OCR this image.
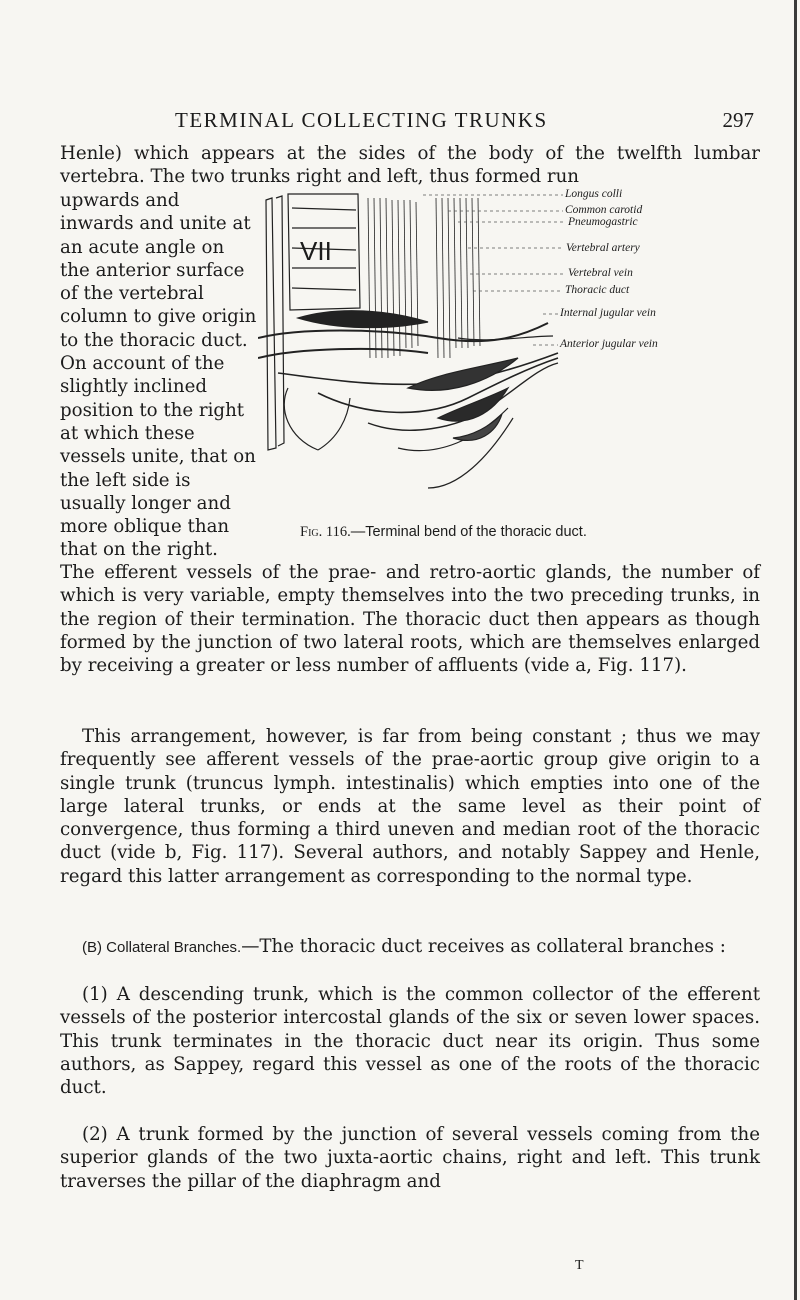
TERMINAL COLLECTING TRUNKS	297

Henle) which appears at the sides of the body of the twelfth lumbar vertebra. The two trunks right and left, thus formed run

upwards and inwards and unite at an acute angle on the anterior surface of the vertebral column to give origin to the thoracic duct. On account of the slightly inclined position to the right at which these vessels unite, that on the left side is usually longer and more oblique than that on the right.

VII
Longus colli
Common carotid
Pneumogastric
Vertebral artery
Vertebral vein
Thoracic duct
Internal jugular vein
Anterior jugular vein
Fig. 116.—Terminal bend of the thoracic duct.

The efferent vessels of the prae- and retro-aortic glands, the number of which is very variable, empty themselves into the two preceding trunks, in the region of their termination. The thoracic duct then appears as though formed by the junction of two lateral roots, which are themselves enlarged by receiving a greater or less number of affluents (vide a, Fig. 117).

This arrangement, however, is far from being constant ; thus we may frequently see afferent vessels of the prae-aortic group give origin to a single trunk (truncus lymph. intestinalis) which empties into one of the large lateral trunks, or ends at the same level as their point of convergence, thus forming a third uneven and median root of the thoracic duct (vide b, Fig. 117). Several authors, and notably Sappey and Henle, regard this latter arrangement as corresponding to the normal type.

(B) Collateral Branches.—The thoracic duct receives as collateral branches :

(1) A descending trunk, which is the common collector of the efferent vessels of the posterior intercostal glands of the six or seven lower spaces. This trunk terminates in the thoracic duct near its origin. Thus some authors, as Sappey, regard this vessel as one of the roots of the thoracic duct.

(2) A trunk formed by the junction of several vessels coming from the superior glands of the two juxta-aortic chains, right and left. This trunk traverses the pillar of the diaphragm and

T
